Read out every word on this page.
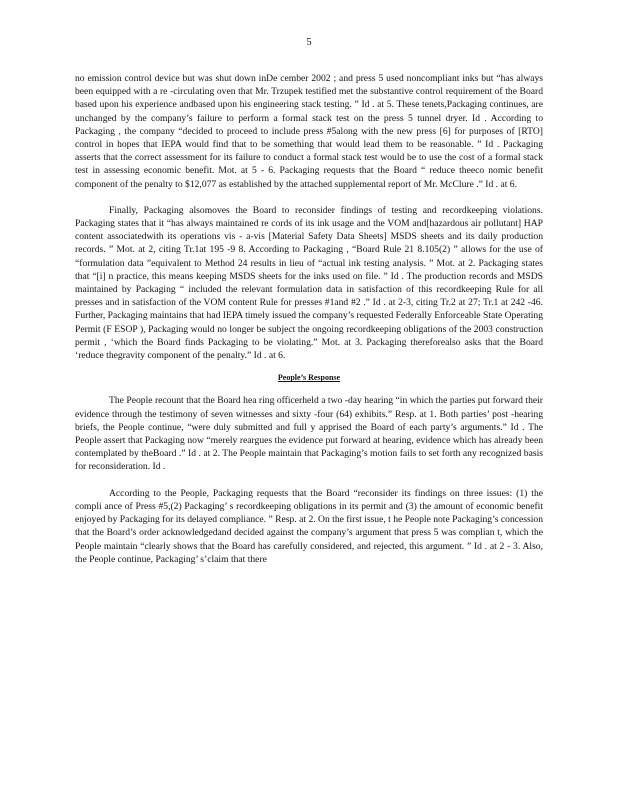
5

no emission control device but was shut down inDe cember 2002 ; and press 5 used noncompliant inks but “has always been equipped with a re -circulating oven that Mr. Trzupek testified met the substantive control requirement of the Board based upon his experience andbased upon his engineering stack testing. ” Id . at 5. These tenets,Packaging continues, are unchanged by the company’s failure to perform a formal stack test on the press 5 tunnel dryer. Id . According to Packaging , the company “decided to proceed to include press #5along with the new press [6] for purposes of [RTO] control in hopes that IEPA would find that to be something that would lead them to be reasonable. ” Id . Packaging asserts that the correct assessment for its failure to conduct a formal stack test would be to use the cost of a formal stack test in assessing economic benefit. Mot. at 5 - 6. Packaging requests that the Board “ reduce theeco nomic benefit component of the penalty to $12,077 as established by the attached supplemental report of Mr. McClure .” Id . at 6.

Finally, Packaging alsomoves the Board to reconsider findings of testing and recordkeeping violations. Packaging states that it “has always maintained re cords of its ink usage and the VOM and[hazardous air pollutant] HAP content associatedwith its operations vis - a-vis [Material Safety Data Sheets] MSDS sheets and its daily production records. ” Mot. at 2, citing Tr.1at 195 -9 8. According to Packaging , “Board Rule 21 8.105(2) ” allows for the use of “formulation data ”equivalent to Method 24 results in lieu of “actual ink testing analysis. ” Mot. at 2. Packaging states that “[i] n practice, this means keeping MSDS sheets for the inks used on file. ” Id . The production records and MSDS maintained by Packaging “ included the relevant formulation data in satisfaction of this recordkeeping Rule for all presses and in satisfaction of the VOM content Rule for presses #1and #2 .” Id . at 2-3, citing Tr.2 at 27; Tr.1 at 242 -46. Further, Packaging maintains that had IEPA timely issued the company’s requested Federally Enforceable State Operating Permit (F ESOP ), Packaging would no longer be subject the ongoing recordkeeping obligations of the 2003 construction permit , ‘which the Board finds Packaging to be violating.” Mot. at 3. Packaging thereforealso asks that the Board ‘reduce thegravity component of the penalty.” Id . at 6.

People’s Response

The People recount that the Board hea ring officerheld a two -day hearing “in which the parties put forward their evidence through the testimony of seven witnesses and sixty -four (64) exhibits.” Resp. at 1. Both parties’ post -hearing briefs, the People continue, “were duly submitted and full y apprised the Board of each party’s arguments.” Id . The People assert that Packaging now “merely reargues the evidence put forward at hearing, evidence which has already been contemplated by theBoard .” Id . at 2. The People maintain that Packaging’s motion fails to set forth any recognized basis for reconsideration. Id .

According to the People, Packaging requests that the Board “reconsider its findings on three issues: (1) the compli ance of Press #5,(2) Packaging’ s recordkeeping obligations in its permit and (3) the amount of economic benefit enjoyed by Packaging for its delayed compliance. ” Resp. at 2. On the first issue, t he People note Packaging’s concession that the Board’s order acknowledgedand decided against the company’s argument that press 5 was complian t, which the People maintain “clearly shows that the Board has carefully considered, and rejected, this argument. ” Id . at 2 - 3. Also, the People continue, Packaging’ s’claim that there
